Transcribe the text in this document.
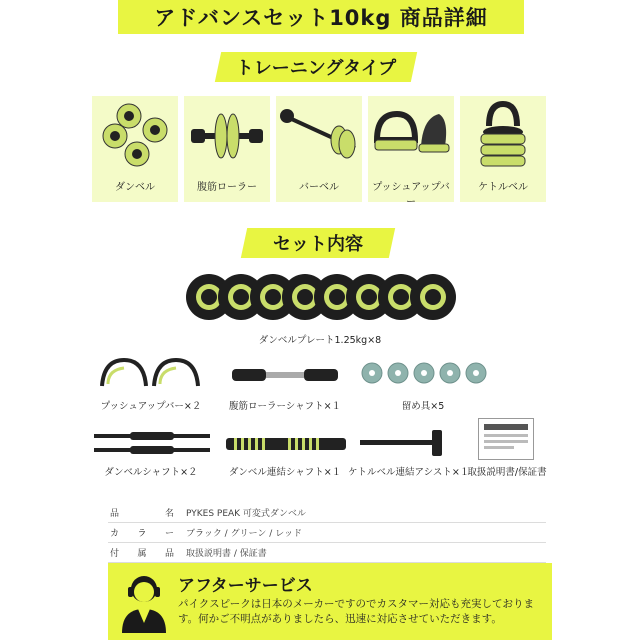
アドバンスセット10kg 商品詳細
トレーニングタイプ
ダンベル	腹筋ローラー	バーベル	プッシュアップバー
ケトルベル
セット内容
ダンベルプレート1.25kg×8
プッシュアップバー×２	腹筋ローラーシャフト×１	留め具×5
ダンベルシャフト×２	ダンベル連結シャフト×１ ケトルベル連結アシスト×１
取扱説明書/保証書
品	名	PYKES PEAK 可変式ダンベル
カ ラ ー	ブラック / グリーン / レッド
付 属 品	取扱説明書 / 保証書
アフターサービス
パイクスピークは日本のメーカーですのでカスタマー対応も充実しております。何かご不明点がありましたら、迅速に対応させていただきます。
